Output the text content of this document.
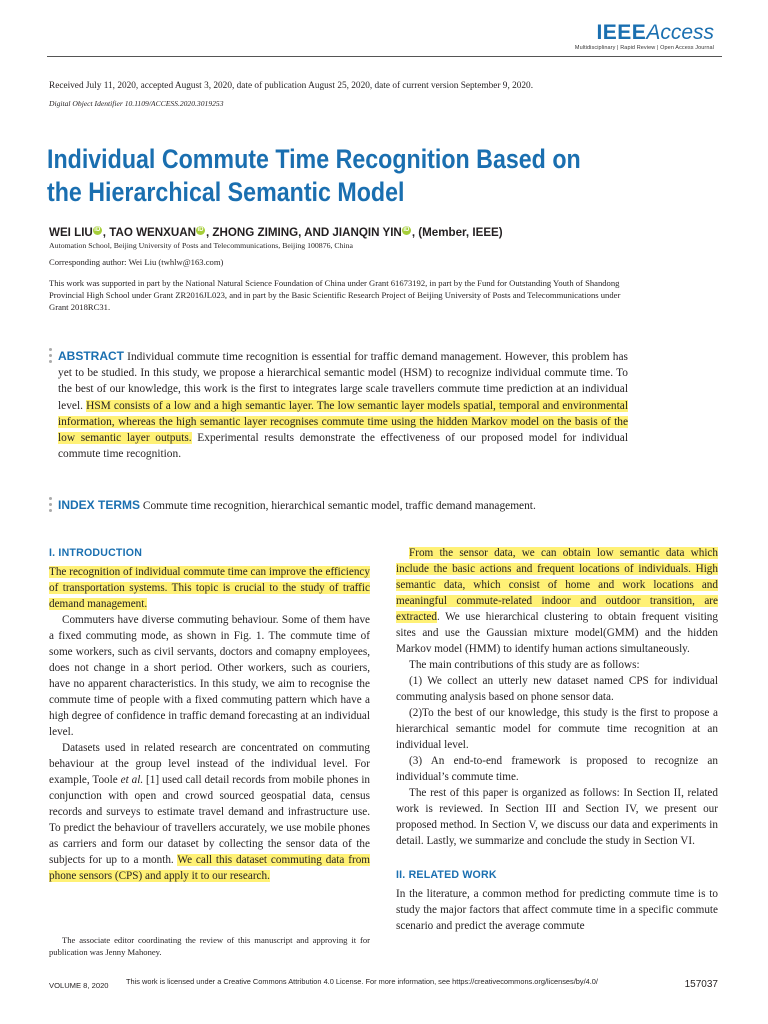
IEEEAccess
Multidisciplinary | Rapid Review | Open Access Journal
Received July 11, 2020, accepted August 3, 2020, date of publication August 25, 2020, date of current version September 9, 2020.
Digital Object Identifier 10.1109/ACCESS.2020.3019253
Individual Commute Time Recognition Based on the Hierarchical Semantic Model
WEI LIU iD , TAO WENXUAN iD , ZHONG ZIMING, AND JIANQIN YIN iD , (Member, IEEE)
Automation School, Beijing University of Posts and Telecommunications, Beijing 100876, China
Corresponding author: Wei Liu (twhlw@163.com)
This work was supported in part by the National Natural Science Foundation of China under Grant 61673192, in part by the Fund for Outstanding Youth of Shandong Provincial High School under Grant ZR2016JL023, and in part by the Basic Scientific Research Project of Beijing University of Posts and Telecommunications under Grant 2018RC31.
ABSTRACT Individual commute time recognition is essential for traffic demand management. However, this problem has yet to be studied. In this study, we propose a hierarchical semantic model (HSM) to recognize individual commute time. To the best of our knowledge, this work is the first to integrates large scale travellers commute time prediction at an individual level. HSM consists of a low and a high semantic layer. The low semantic layer models spatial, temporal and environmental information, whereas the high semantic layer recognises commute time using the hidden Markov model on the basis of the low semantic layer outputs. Experimental results demonstrate the effectiveness of our proposed model for individual commute time recognition.
INDEX TERMS Commute time recognition, hierarchical semantic model, traffic demand management.
I. INTRODUCTION

The recognition of individual commute time can improve the efficiency of transportation systems. This topic is crucial to the study of traffic demand management.

Commuters have diverse commuting behaviour. Some of them have a fixed commuting mode, as shown in Fig. 1. The commute time of some workers, such as civil servants, doctors and comapny employees, does not change in a short period. Other workers, such as couriers, have no apparent characteristics. In this study, we aim to recognise the commute time of people with a fixed commuting pattern which have a high degree of confidence in traffic demand forecasting at an individual level.

Datasets used in related research are concentrated on commuting behaviour at the group level instead of the individual level. For example, Toole et al. [1] used call detail records from mobile phones in conjunction with open and crowd sourced geospatial data, census records and surveys to estimate travel demand and infrastructure use. To predict the behaviour of travellers accurately, we use mobile phones as carriers and form our dataset by collecting the sensor data of the subjects for up to a month. We call this dataset commuting data from phone sensors (CPS) and apply it to our research.

From the sensor data, we can obtain low semantic data which include the basic actions and frequent locations of individuals. High semantic data, which consist of home and work locations and meaningful commute-related indoor and outdoor transition, are extracted. We use hierarchical clustering to obtain frequent visiting sites and use the Gaussian mixture model(GMM) and the hidden Markov model (HMM) to identify human actions simultaneously.

The main contributions of this study are as follows:

(1) We collect an utterly new dataset named CPS for individual commuting analysis based on phone sensor data.

(2)To the best of our knowledge, this study is the first to propose a hierarchical semantic model for commute time recognition at an individual level.

(3) An end-to-end framework is proposed to recognize an individual’s commute time.

The rest of this paper is organized as follows: In Section II, related work is reviewed. In Section III and Section IV, we present our proposed method. In Section V, we discuss our data and experiments in detail. Lastly, we summarize and conclude the study in Section VI.

II. RELATED WORK

In the literature, a common method for predicting commute time is to study the major factors that affect commute time in a specific commute scenario and predict the average commute

The associate editor coordinating the review of this manuscript and approving it for publication was Jenny Mahoney.
VOLUME 8, 2020 This work is licensed under a Creative Commons Attribution 4.0 License. For more information, see https://creativecommons.org/licenses/by/4.0/	157037
